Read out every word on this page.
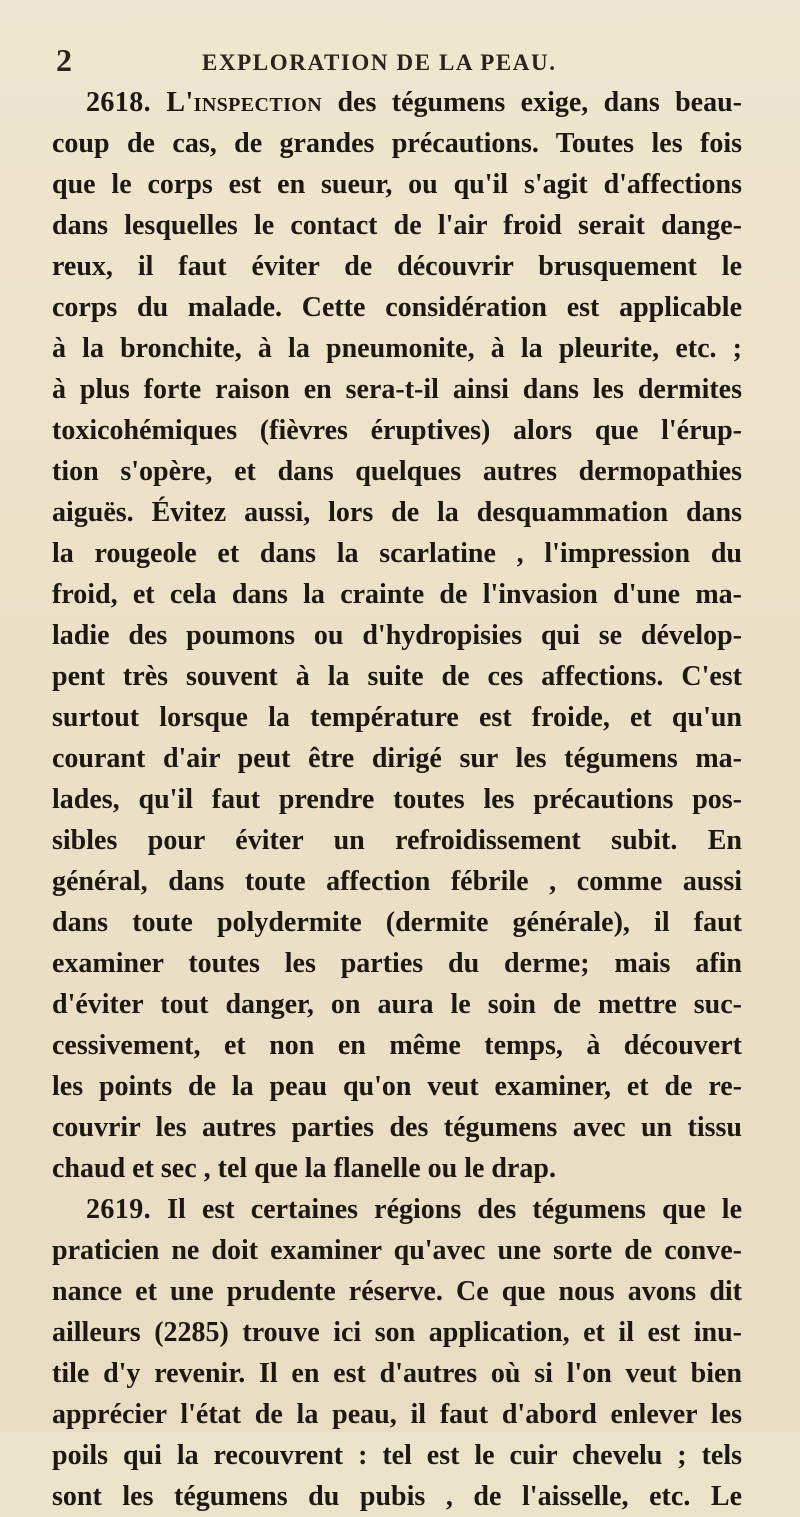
2	EXPLORATION DE LA PEAU.
2618. L'inspection des tégumens exige, dans beau-
coup de cas, de grandes précautions. Toutes les fois
que le corps est en sueur, ou qu'il s'agit d'affections
dans lesquelles le contact de l'air froid serait dange-
reux, il faut éviter de découvrir brusquement le
corps du malade. Cette considération est applicable
à la bronchite, à la pneumonite, à la pleurite, etc. ;
à plus forte raison en sera-t-il ainsi dans les dermites
toxicohémiques (fièvres éruptives) alors que l'érup-
tion s'opère, et dans quelques autres dermopathies
aiguës. Évitez aussi, lors de la desquammation dans
la rougeole et dans la scarlatine , l'impression du
froid, et cela dans la crainte de l'invasion d'une ma-
ladie des poumons ou d'hydropisies qui se dévelop-
pent très souvent à la suite de ces affections. C'est
surtout lorsque la température est froide, et qu'un
courant d'air peut être dirigé sur les tégumens ma-
lades, qu'il faut prendre toutes les précautions pos-
sibles pour éviter un refroidissement subit. En
général, dans toute affection fébrile , comme aussi
dans toute polydermite (dermite générale), il faut
examiner toutes les parties du derme; mais afin
d'éviter tout danger, on aura le soin de mettre suc-
cessivement, et non en même temps, à découvert
les points de la peau qu'on veut examiner, et de re-
couvrir les autres parties des tégumens avec un tissu
chaud et sec , tel que la flanelle ou le drap.
2619. Il est certaines régions des tégumens que le
praticien ne doit examiner qu'avec une sorte de conve-
nance et une prudente réserve. Ce que nous avons dit
ailleurs (2285) trouve ici son application, et il est inu-
tile d'y revenir. Il en est d'autres où si l'on veut bien
apprécier l'état de la peau, il faut d'abord enlever les
poils qui la recouvrent : tel est le cuir chevelu ; tels
sont les tégumens du pubis , de l'aisselle, etc. Le
